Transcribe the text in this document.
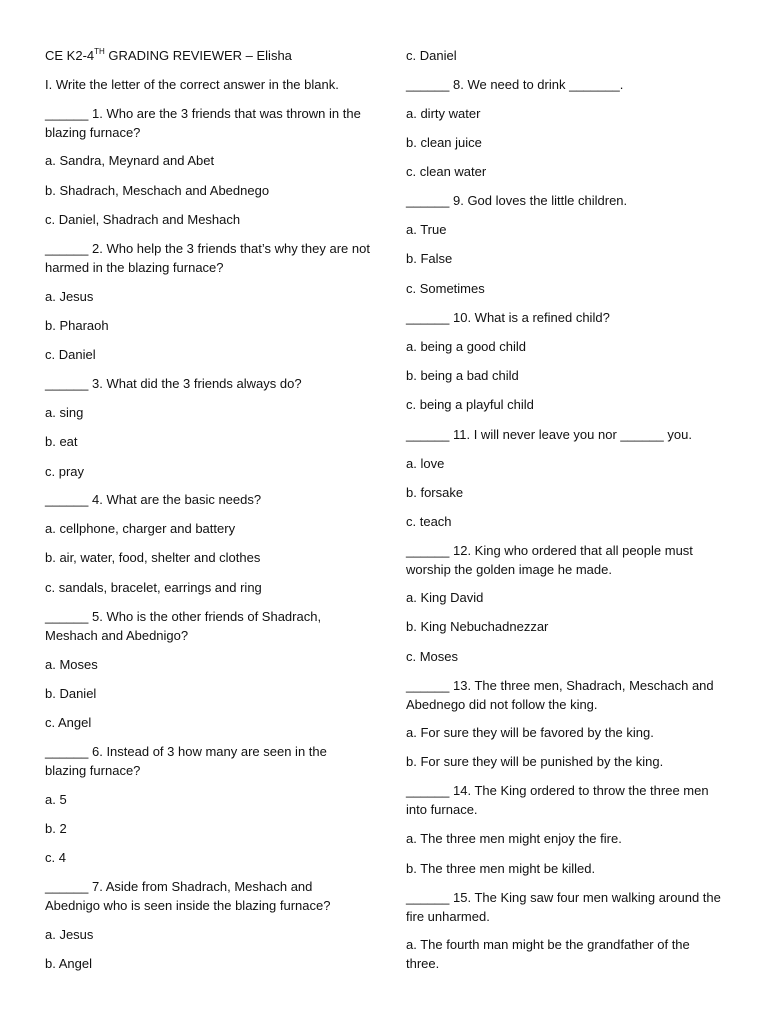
CE K2-4TH GRADING REVIEWER – Elisha

I. Write the letter of the correct answer in the blank.

______ 1. Who are the 3 friends that was thrown in the blazing furnace?

a. Sandra, Meynard and Abet

b. Shadrach, Meschach and Abednego

c. Daniel, Shadrach and Meshach

______ 2. Who help the 3 friends that’s why they are not harmed in the blazing furnace?

a. Jesus

b. Pharaoh

c. Daniel

______ 3. What did the 3 friends always do?

a. sing

b. eat

c. pray

______ 4. What are the basic needs?

a. cellphone, charger and battery

b. air, water, food, shelter and clothes

c. sandals, bracelet, earrings and ring

______ 5. Who is the other friends of Shadrach, Meshach and Abednigo?

a. Moses

b. Daniel

c. Angel

______ 6. Instead of 3 how many are seen in the blazing furnace?

a. 5

b. 2

c. 4

______ 7. Aside from Shadrach, Meshach and Abednigo who is seen inside the blazing furnace?

a. Jesus

b. Angel

c. Daniel

______ 8. We need to drink _______.

a. dirty water

b. clean juice

c. clean water

______ 9. God loves the little children.

a. True

b. False

c. Sometimes

______ 10. What is a refined child?

a. being a good child

b. being a bad child

c. being a playful child

______ 11. I will never leave you nor ______ you.

a. love

b. forsake

c. teach

______ 12. King who ordered that all people must worship the golden image he made.

a. King David

b. King Nebuchadnezzar

c. Moses

______ 13. The three men, Shadrach, Meschach and Abednego did not follow the king.

a. For sure they will be favored by the king.

b. For sure they will be punished by the king.

______ 14. The King ordered to throw the three men into furnace.

a. The three men might enjoy the fire.

b. The three men might be killed.

______ 15. The King saw four men walking around the fire unharmed.

a. The fourth man might be the grandfather of the three.
